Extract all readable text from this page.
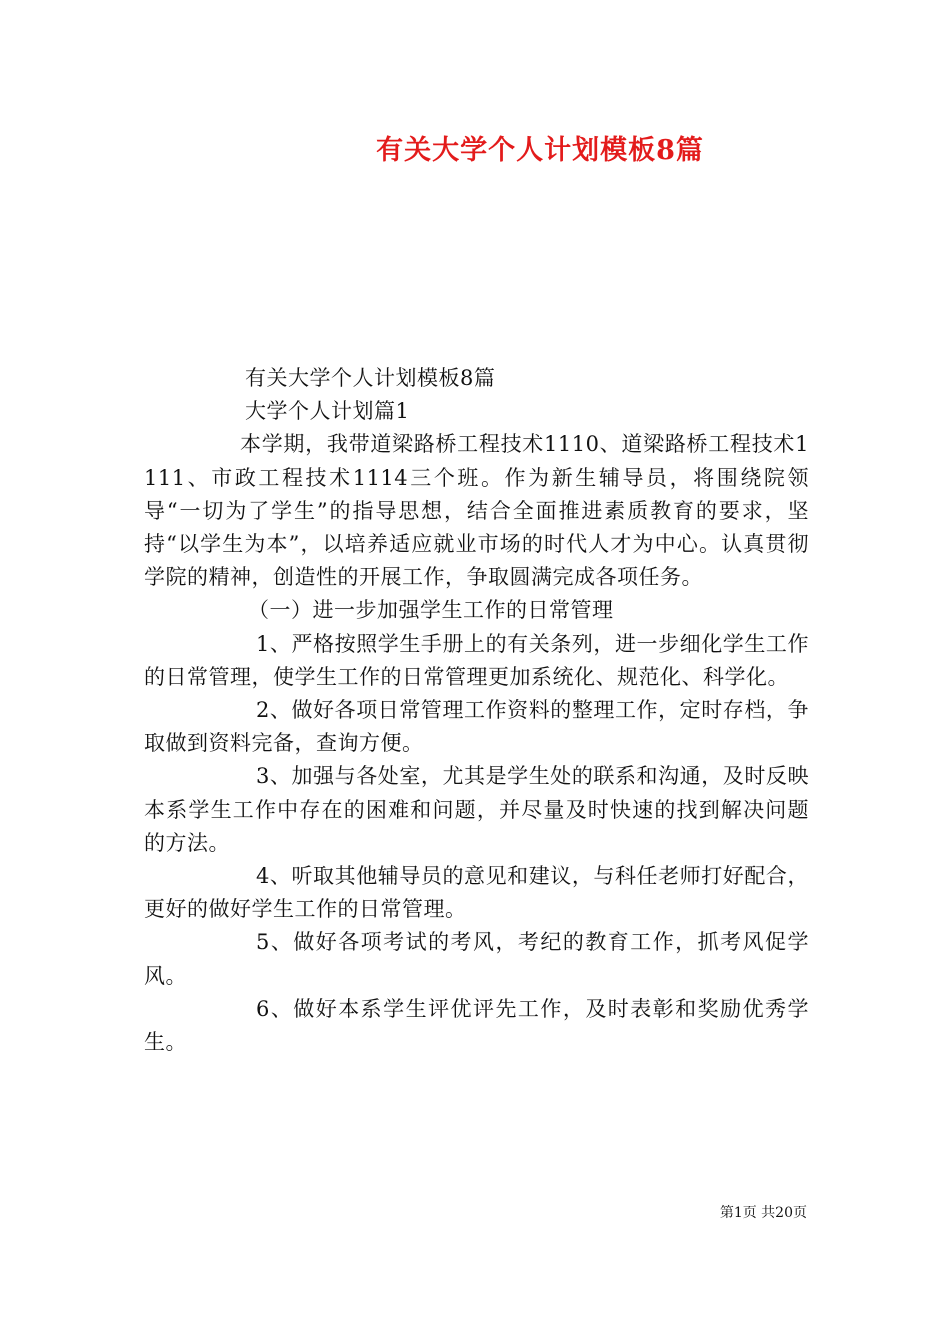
有关大学个人计划模板8篇

有关大学个人计划模板8篇

大学个人计划篇1

本学期，我带道梁路桥工程技术1110、道梁路桥工程技术1111、市政工程技术1114三个班。作为新生辅导员，将围绕院领导“一切为了学生”的指导思想，结合全面推进素质教育的要求，坚持“以学生为本”，以培养适应就业市场的时代人才为中心。认真贯彻学院的精神，创造性的开展工作，争取圆满完成各项任务。

（一）进一步加强学生工作的日常管理

1、严格按照学生手册上的有关条列，进一步细化学生工作的日常管理，使学生工作的日常管理更加系统化、规范化、科学化。

2、做好各项日常管理工作资料的整理工作，定时存档，争取做到资料完备，查询方便。

3、加强与各处室，尤其是学生处的联系和沟通，及时反映本系学生工作中存在的困难和问题，并尽量及时快速的找到解决问题的方法。

4、听取其他辅导员的意见和建议，与科任老师打好配合，更好的做好学生工作的日常管理。

5、做好各项考试的考风，考纪的教育工作，抓考风促学风。

6、做好本系学生评优评先工作，及时表彰和奖励优秀学生。

第1页 共20页
